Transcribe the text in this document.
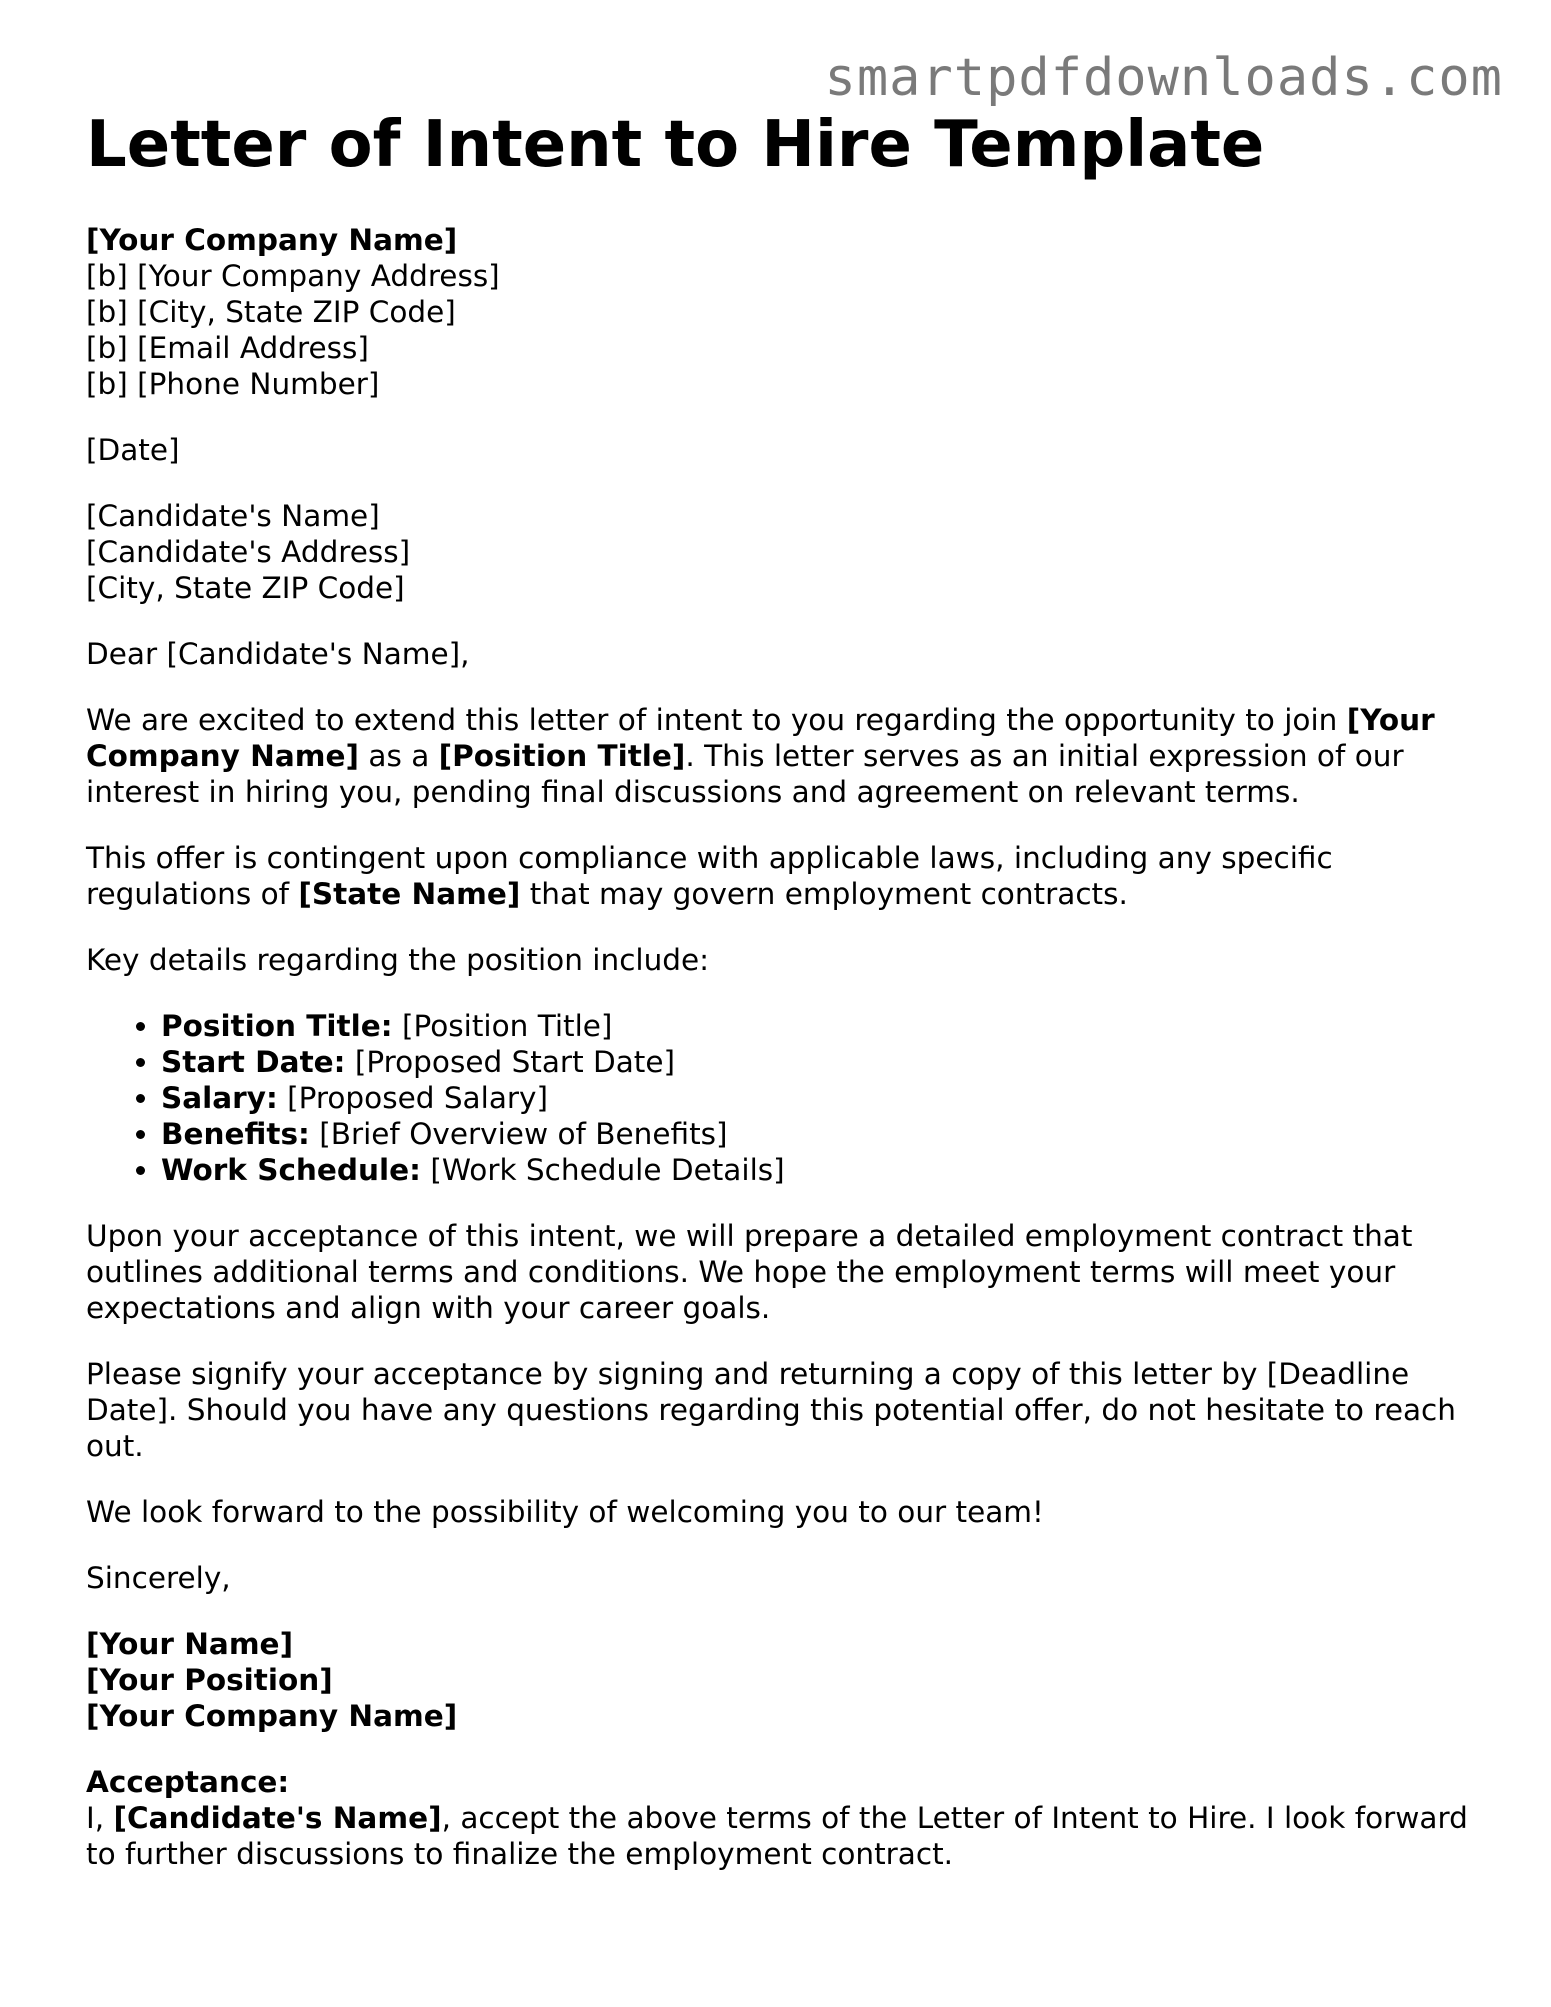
smartpdfdownloads.com
Letter of Intent to Hire Template
[Your Company Name]
[b] [Your Company Address]
[b] [City, State ZIP Code]
[b] [Email Address]
[b] [Phone Number]
[Date]
[Candidate's Name]
[Candidate's Address]
[City, State ZIP Code]
Dear [Candidate's Name],

We are excited to extend this letter of intent to you regarding the opportunity to join [Your Company Name] as a [Position Title]. This letter serves as an initial expression of our interest in hiring you, pending final discussions and agreement on relevant terms.

This offer is contingent upon compliance with applicable laws, including any specific regulations of [State Name] that may govern employment contracts.

Key details regarding the position include:
• Position Title: [Position Title]
• Start Date: [Proposed Start Date]
• Salary: [Proposed Salary]
• Benefits: [Brief Overview of Benefits]
• Work Schedule: [Work Schedule Details]

Upon your acceptance of this intent, we will prepare a detailed employment contract that outlines additional terms and conditions. We hope the employment terms will meet your expectations and align with your career goals.

Please signify your acceptance by signing and returning a copy of this letter by [Deadline Date]. Should you have any questions regarding this potential offer, do not hesitate to reach out.

We look forward to the possibility of welcoming you to our team!

Sincerely,
[Your Name]
[Your Position]
[Your Company Name]
Acceptance:
I, [Candidate's Name], accept the above terms of the Letter of Intent to Hire. I look forward to further discussions to finalize the employment contract.
